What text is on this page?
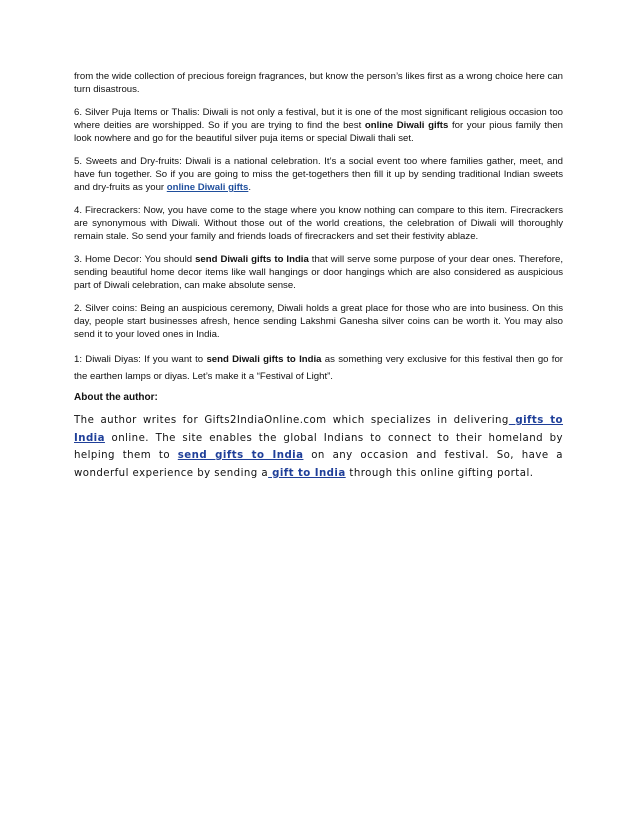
from the wide collection of precious foreign fragrances, but know the person’s likes first as a wrong choice here can turn disastrous.

6. Silver Puja Items or Thalis: Diwali is not only a festival, but it is one of the most significant religious occasion too where deities are worshipped. So if you are trying to find the best online Diwali gifts for your pious family then look nowhere and go for the beautiful silver puja items or special Diwali thali set.

5. Sweets and Dry-fruits: Diwali is a national celebration. It’s a social event too where families gather, meet, and have fun together. So if you are going to miss the get-togethers then fill it up by sending traditional Indian sweets and dry-fruits as your online Diwali gifts.

4. Firecrackers: Now, you have come to the stage where you know nothing can compare to this item. Firecrackers are synonymous with Diwali. Without those out of the world creations, the celebration of Diwali will thoroughly remain stale. So send your family and friends loads of firecrackers and set their festivity ablaze.

3. Home Decor: You should send Diwali gifts to India that will serve some purpose of your dear ones. Therefore, sending beautiful home decor items like wall hangings or door hangings which are also considered as auspicious part of Diwali celebration, can make absolute sense.

2. Silver coins: Being an auspicious ceremony, Diwali holds a great place for those who are into business. On this day, people start businesses afresh, hence sending Lakshmi Ganesha silver coins can be worth it. You may also send it to your loved ones in India.

1: Diwali Diyas: If you want to send Diwali gifts to India as something very exclusive for this festival then go for the earthen lamps or diyas. Let’s make it a “Festival of Light”.

About the author:

The author writes for Gifts2IndiaOnline.com which specializes in delivering gifts to India online. The site enables the global Indians to connect to their homeland by helping them to send gifts to India on any occasion and festival. So, have a wonderful experience by sending a gift to India through this online gifting portal.
